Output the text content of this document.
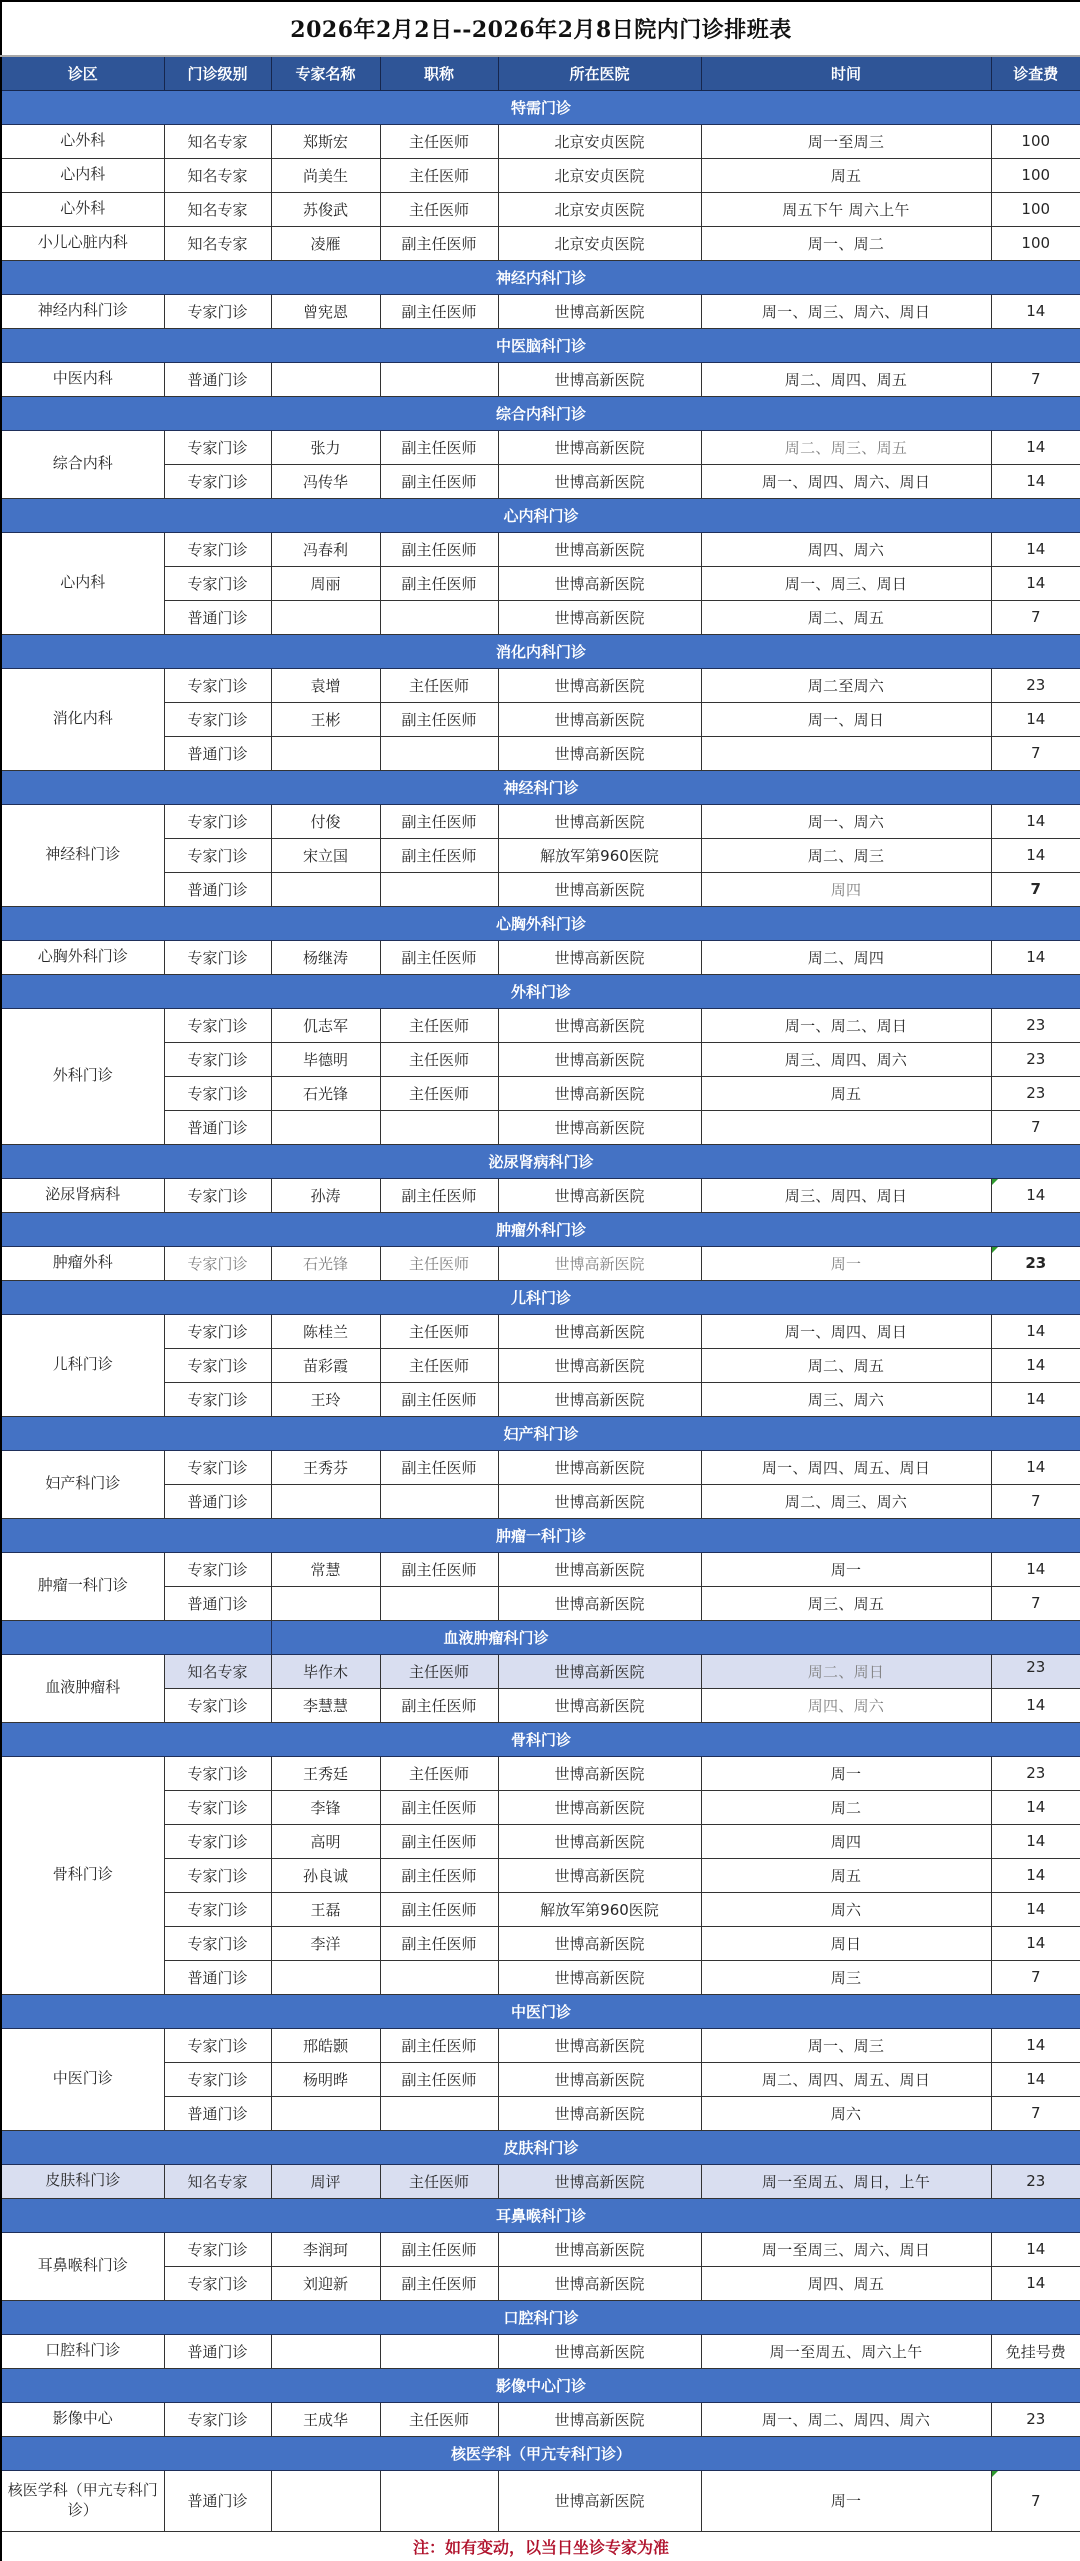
2026年2月2日--2026年2月8日院内门诊排班表						
诊区	门诊级别	专家名称	职称	所在医院	时间	诊查费
特需门诊						
心外科	知名专家	郑斯宏	主任医师	北京安贞医院	周一至周三	100
心内科	知名专家	尚美生	主任医师	北京安贞医院	周五	100
心外科	知名专家	苏俊武	主任医师	北京安贞医院	周五下午 周六上午	100
小儿心脏内科	知名专家	凌雁	副主任医师	北京安贞医院	周一、周二	100
神经内科门诊						
神经内科门诊	专家门诊	曾宪恩	副主任医师	世博高新医院	周一、周三、周六、周日	14
中医脑科门诊						
中医内科	普通门诊			世博高新医院	周二、周四、周五	7
综合内科门诊						
综合内科	专家门诊	张力	副主任医师	世博高新医院	周二、周三、周五	14
	专家门诊	冯传华	副主任医师	世博高新医院	周一、周四、周六、周日	14
心内科门诊						
心内科	专家门诊	冯春利	副主任医师	世博高新医院	周四、周六	14
	专家门诊	周丽	副主任医师	世博高新医院	周一、周三、周日	14
	普通门诊			世博高新医院	周二、周五	7
消化内科门诊						
消化内科	专家门诊	袁增	主任医师	世博高新医院	周二至周六	23
	专家门诊	王彬	副主任医师	世博高新医院	周一、周日	14
	普通门诊			世博高新医院		7
神经科门诊						
神经科门诊	专家门诊	付俊	副主任医师	世博高新医院	周一、周六	14
	专家门诊	宋立国	副主任医师	解放军第960医院	周二、周三	14
	普通门诊			世博高新医院	周四	7
心胸外科门诊						
心胸外科门诊	专家门诊	杨继涛	副主任医师	世博高新医院	周二、周四	14
外科门诊						
外科门诊	专家门诊	仉志军	主任医师	世博高新医院	周一、周二、周日	23
	专家门诊	毕德明	主任医师	世博高新医院	周三、周四、周六	23
	专家门诊	石光锋	主任医师	世博高新医院	周五	23
	普通门诊			世博高新医院		7
泌尿肾病科门诊						
泌尿肾病科	专家门诊	孙涛	副主任医师	世博高新医院	周三、周四、周日	14
肿瘤外科门诊						
肿瘤外科	专家门诊	石光锋	主任医师	世博高新医院	周一	23
儿科门诊						
儿科门诊	专家门诊	陈桂兰	主任医师	世博高新医院	周一、周四、周日	14
	专家门诊	苗彩霞	主任医师	世博高新医院	周二、周五	14
	专家门诊	王玲	副主任医师	世博高新医院	周三、周六	14
妇产科门诊						
妇产科门诊	专家门诊	王秀芬	副主任医师	世博高新医院	周一、周四、周五、周日	14
	普通门诊			世博高新医院	周二、周三、周六	7
肿瘤一科门诊						
肿瘤一科门诊	专家门诊	常慧	副主任医师	世博高新医院	周一	14
	普通门诊			世博高新医院	周三、周五	7
		血液肿瘤科门诊				
血液肿瘤科	知名专家	毕作木	主任医师	世博高新医院	周二、周日	23
	专家门诊	李慧慧	副主任医师	世博高新医院	周四、周六	14
骨科门诊						
骨科门诊	专家门诊	王秀廷	主任医师	世博高新医院	周一	23
	专家门诊	李锋	副主任医师	世博高新医院	周二	14
	专家门诊	高明	副主任医师	世博高新医院	周四	14
	专家门诊	孙良诚	副主任医师	世博高新医院	周五	14
	专家门诊	王磊	副主任医师	解放军第960医院	周六	14
	专家门诊	李洋	副主任医师	世博高新医院	周日	14
	普通门诊			世博高新医院	周三	7
中医门诊						
中医门诊	专家门诊	邢皓颢	副主任医师	世博高新医院	周一、周三	14
	专家门诊	杨明晔	副主任医师	世博高新医院	周二、周四、周五、周日	14
	普通门诊			世博高新医院	周六	7
皮肤科门诊						
皮肤科门诊	知名专家	周评	主任医师	世博高新医院	周一至周五、周日，上午	23
耳鼻喉科门诊						
耳鼻喉科门诊	专家门诊	李润珂	副主任医师	世博高新医院	周一至周三、周六、周日	14
	专家门诊	刘迎新	副主任医师	世博高新医院	周四、周五	14
口腔科门诊						
口腔科门诊	普通门诊			世博高新医院	周一至周五、周六上午	免挂号费
影像中心门诊						
影像中心	专家门诊	王成华	主任医师	世博高新医院	周一、周二、周四、周六	23
核医学科（甲亢专科门诊）						
核医学科（甲亢专科门诊）	普通门诊			世博高新医院	周一	7
注：如有变动，以当日坐诊专家为准						
